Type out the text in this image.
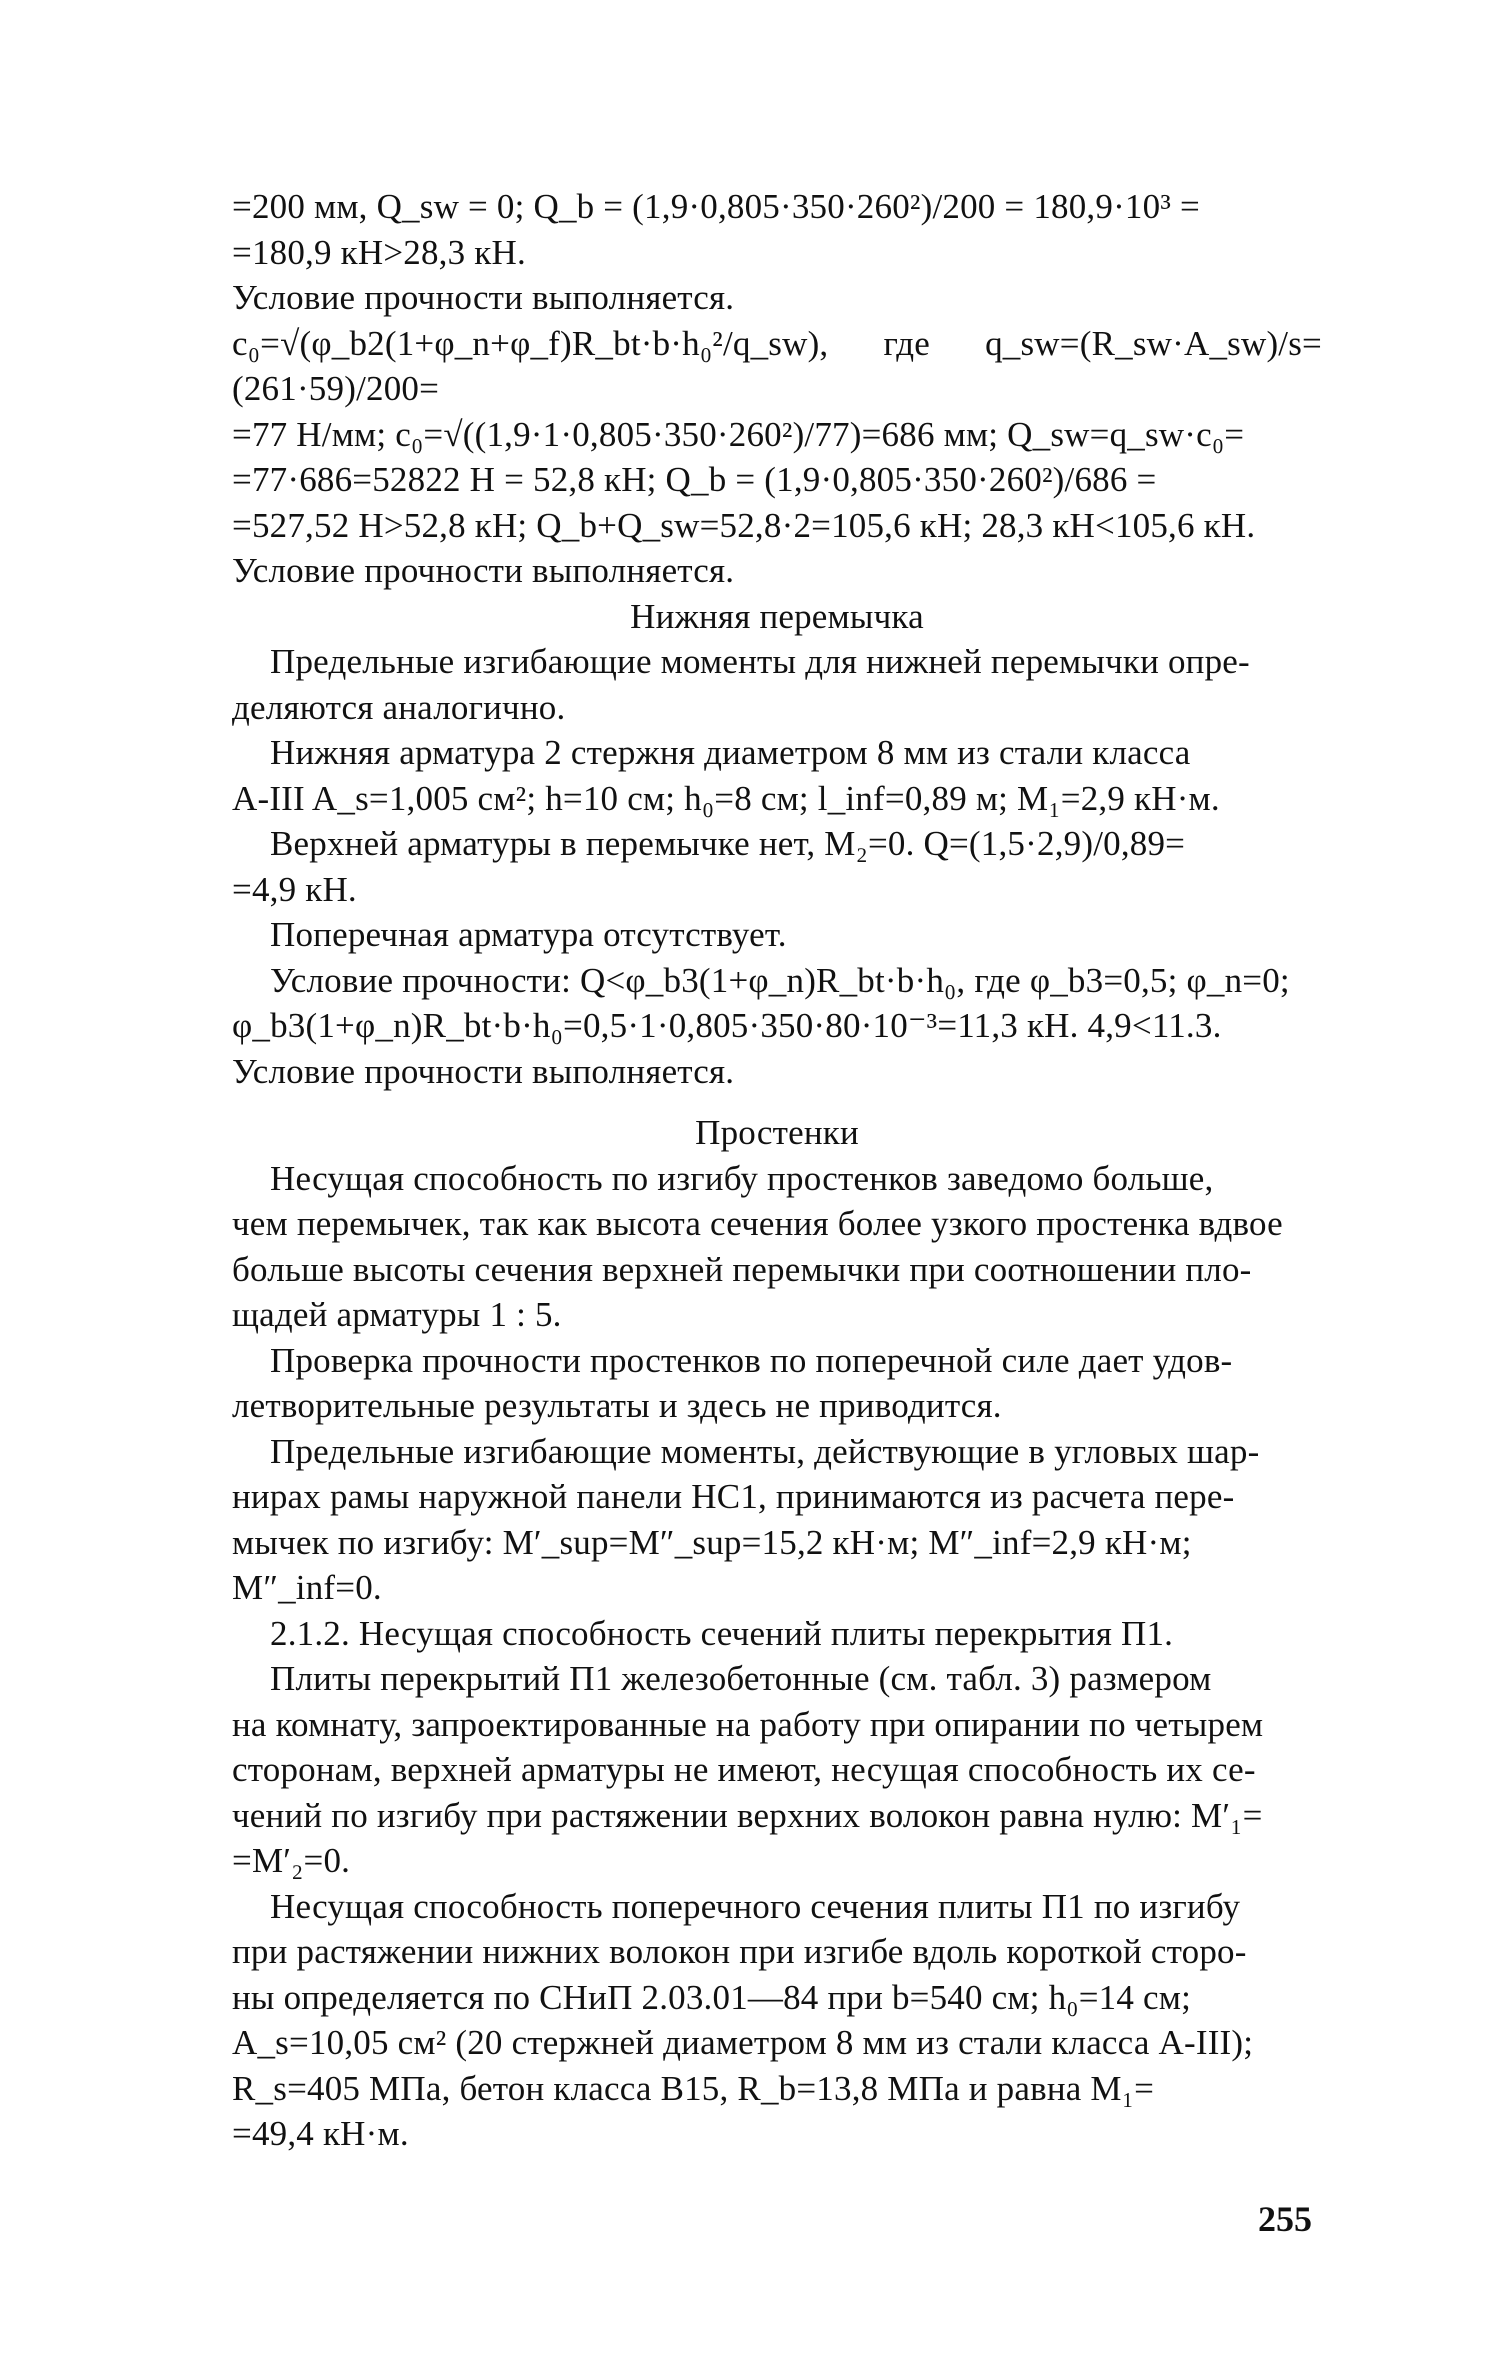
=200 мм, Q_sw = 0; Q_b = (1,9·0,805·350·260²)/200 = 180,9·10³ =

=180,9 кН>28,3 кН.

Условие прочности выполняется.

c₀=√(φ_b2(1+φ_n+φ_f)R_bt·b·h₀²/q_sw), где q_sw=(R_sw·A_sw)/s=(261·59)/200=

=77 Н/мм; c₀=√((1,9·1·0,805·350·260²)/77)=686 мм; Q_sw=q_sw·c₀=

=77·686=52822 Н = 52,8 кН; Q_b = (1,9·0,805·350·260²)/686 =

=527,52 Н>52,8 кН; Q_b+Q_sw=52,8·2=105,6 кН; 28,3 кН<105,6 кН.

Условие прочности выполняется.

Нижняя перемычка

Предельные изгибающие моменты для нижней перемычки опре-

деляются аналогично.

Нижняя арматура 2 стержня диаметром 8 мм из стали класса

А-III A_s=1,005 см²; h=10 см; h₀=8 см; l_inf=0,89 м; M₁=2,9 кН·м.

Верхней арматуры в перемычке нет, M₂=0. Q=(1,5·2,9)/0,89=

=4,9 кН.

Поперечная арматура отсутствует.

Условие прочности: Q<φ_b3(1+φ_n)R_bt·b·h₀, где φ_b3=0,5; φ_n=0;

φ_b3(1+φ_n)R_bt·b·h₀=0,5·1·0,805·350·80·10⁻³=11,3 кН. 4,9<11.3.

Условие прочности выполняется.

Простенки

Несущая способность по изгибу простенков заведомо больше,

чем перемычек, так как высота сечения более узкого простенка вдвое

больше высоты сечения верхней перемычки при соотношении пло-

щадей арматуры 1 : 5.

Проверка прочности простенков по поперечной силе дает удов-

летворительные результаты и здесь не приводится.

Предельные изгибающие моменты, действующие в угловых шар-

нирах рамы наружной панели НС1, принимаются из расчета пере-

мычек по изгибу: M′_sup=M″_sup=15,2 кН·м; M″_inf=2,9 кН·м;

M″_inf=0.

2.1.2. Несущая способность сечений плиты перекрытия П1.

Плиты перекрытий П1 железобетонные (см. табл. 3) размером

на комнату, запроектированные на работу при опирании по четырем

сторонам, верхней арматуры не имеют, несущая способность их се-

чений по изгибу при растяжении верхних волокон равна нулю: M′₁=

=M′₂=0.

Несущая способность поперечного сечения плиты П1 по изгибу

при растяжении нижних волокон при изгибе вдоль короткой сторо-

ны определяется по СНиП 2.03.01—84 при b=540 см; h₀=14 см;

A_s=10,05 см² (20 стержней диаметром 8 мм из стали класса А-III);

R_s=405 МПа, бетон класса В15, R_b=13,8 МПа и равна M₁=

=49,4 кН·м.

255
